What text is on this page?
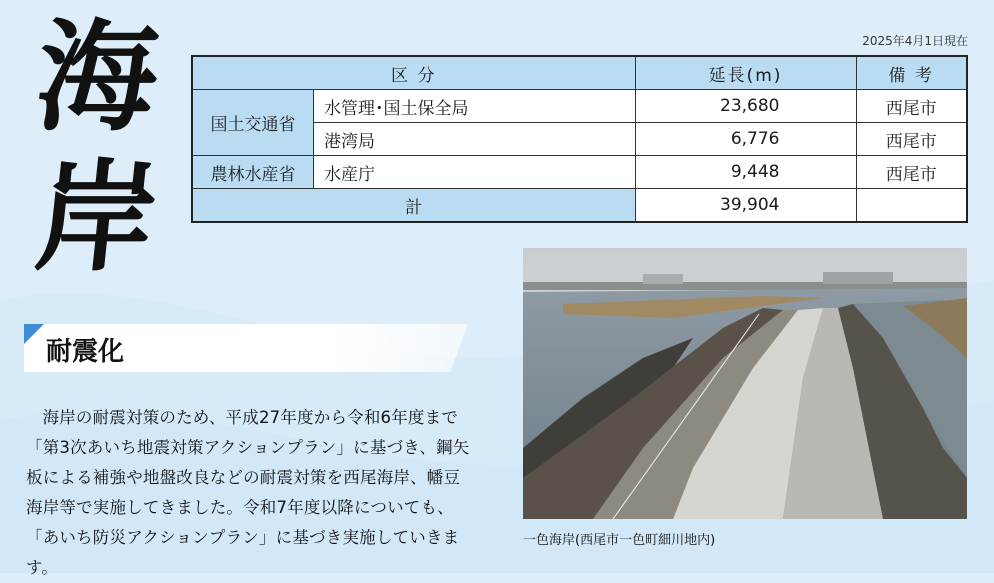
海
岸
2025年4月1日現在
区 分		延長(m)	備 考
国土交通省	水管理･国土保全局	23,680	西尾市
	港湾局	6,776	西尾市
農林水産省	水産庁	9,448	西尾市
計		39,904	
耐震化

海岸の耐震対策のため、平成27年度から令和6年度まで「第3次あいち地震対策アクションプラン」に基づき、鋼矢板による補強や地盤改良などの耐震対策を西尾海岸、幡豆海岸等で実施してきました。令和7年度以降についても、「あいち防災アクションプラン」に基づき実施していきます。

一色海岸(西尾市一色町細川地内)
